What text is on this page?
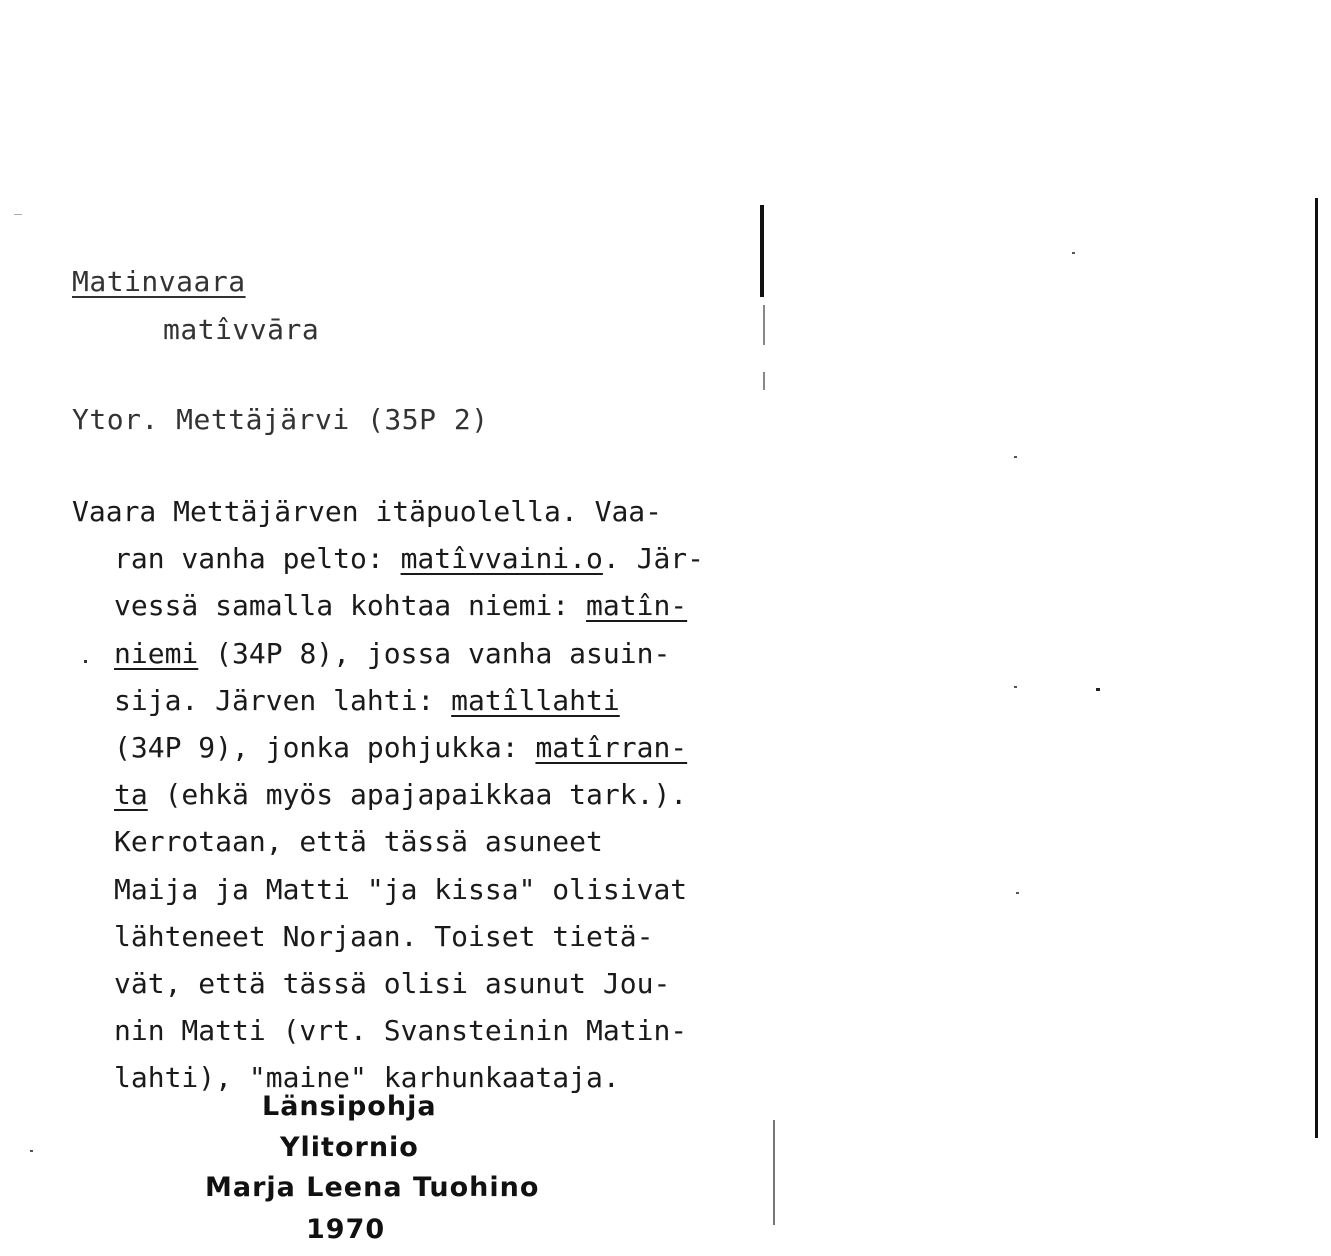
Matinvaara
matîvvāra
Ytor. Mettäjärvi (35P 2)
Vaara Mettäjärven itäpuolella. Vaa-
ran vanha pelto: matîvvaini.o. Jär-
vessä samalla kohtaa niemi: matîn-
niemi (34P 8), jossa vanha asuin-
sija. Järven lahti: matîllahti
(34P 9), jonka pohjukka: matîrran-
ta (ehkä myös apajapaikkaa tark.).
Kerrotaan, että tässä asuneet
Maija ja Matti "ja kissa" olisivat
lähteneet Norjaan. Toiset tietä-
vät, että tässä olisi asunut Jou-
nin Matti (vrt. Svansteinin Matin-
lahti), "maine" karhunkaataja.
Länsipohja
Ylitornio
Marja Leena Tuohino
1970
